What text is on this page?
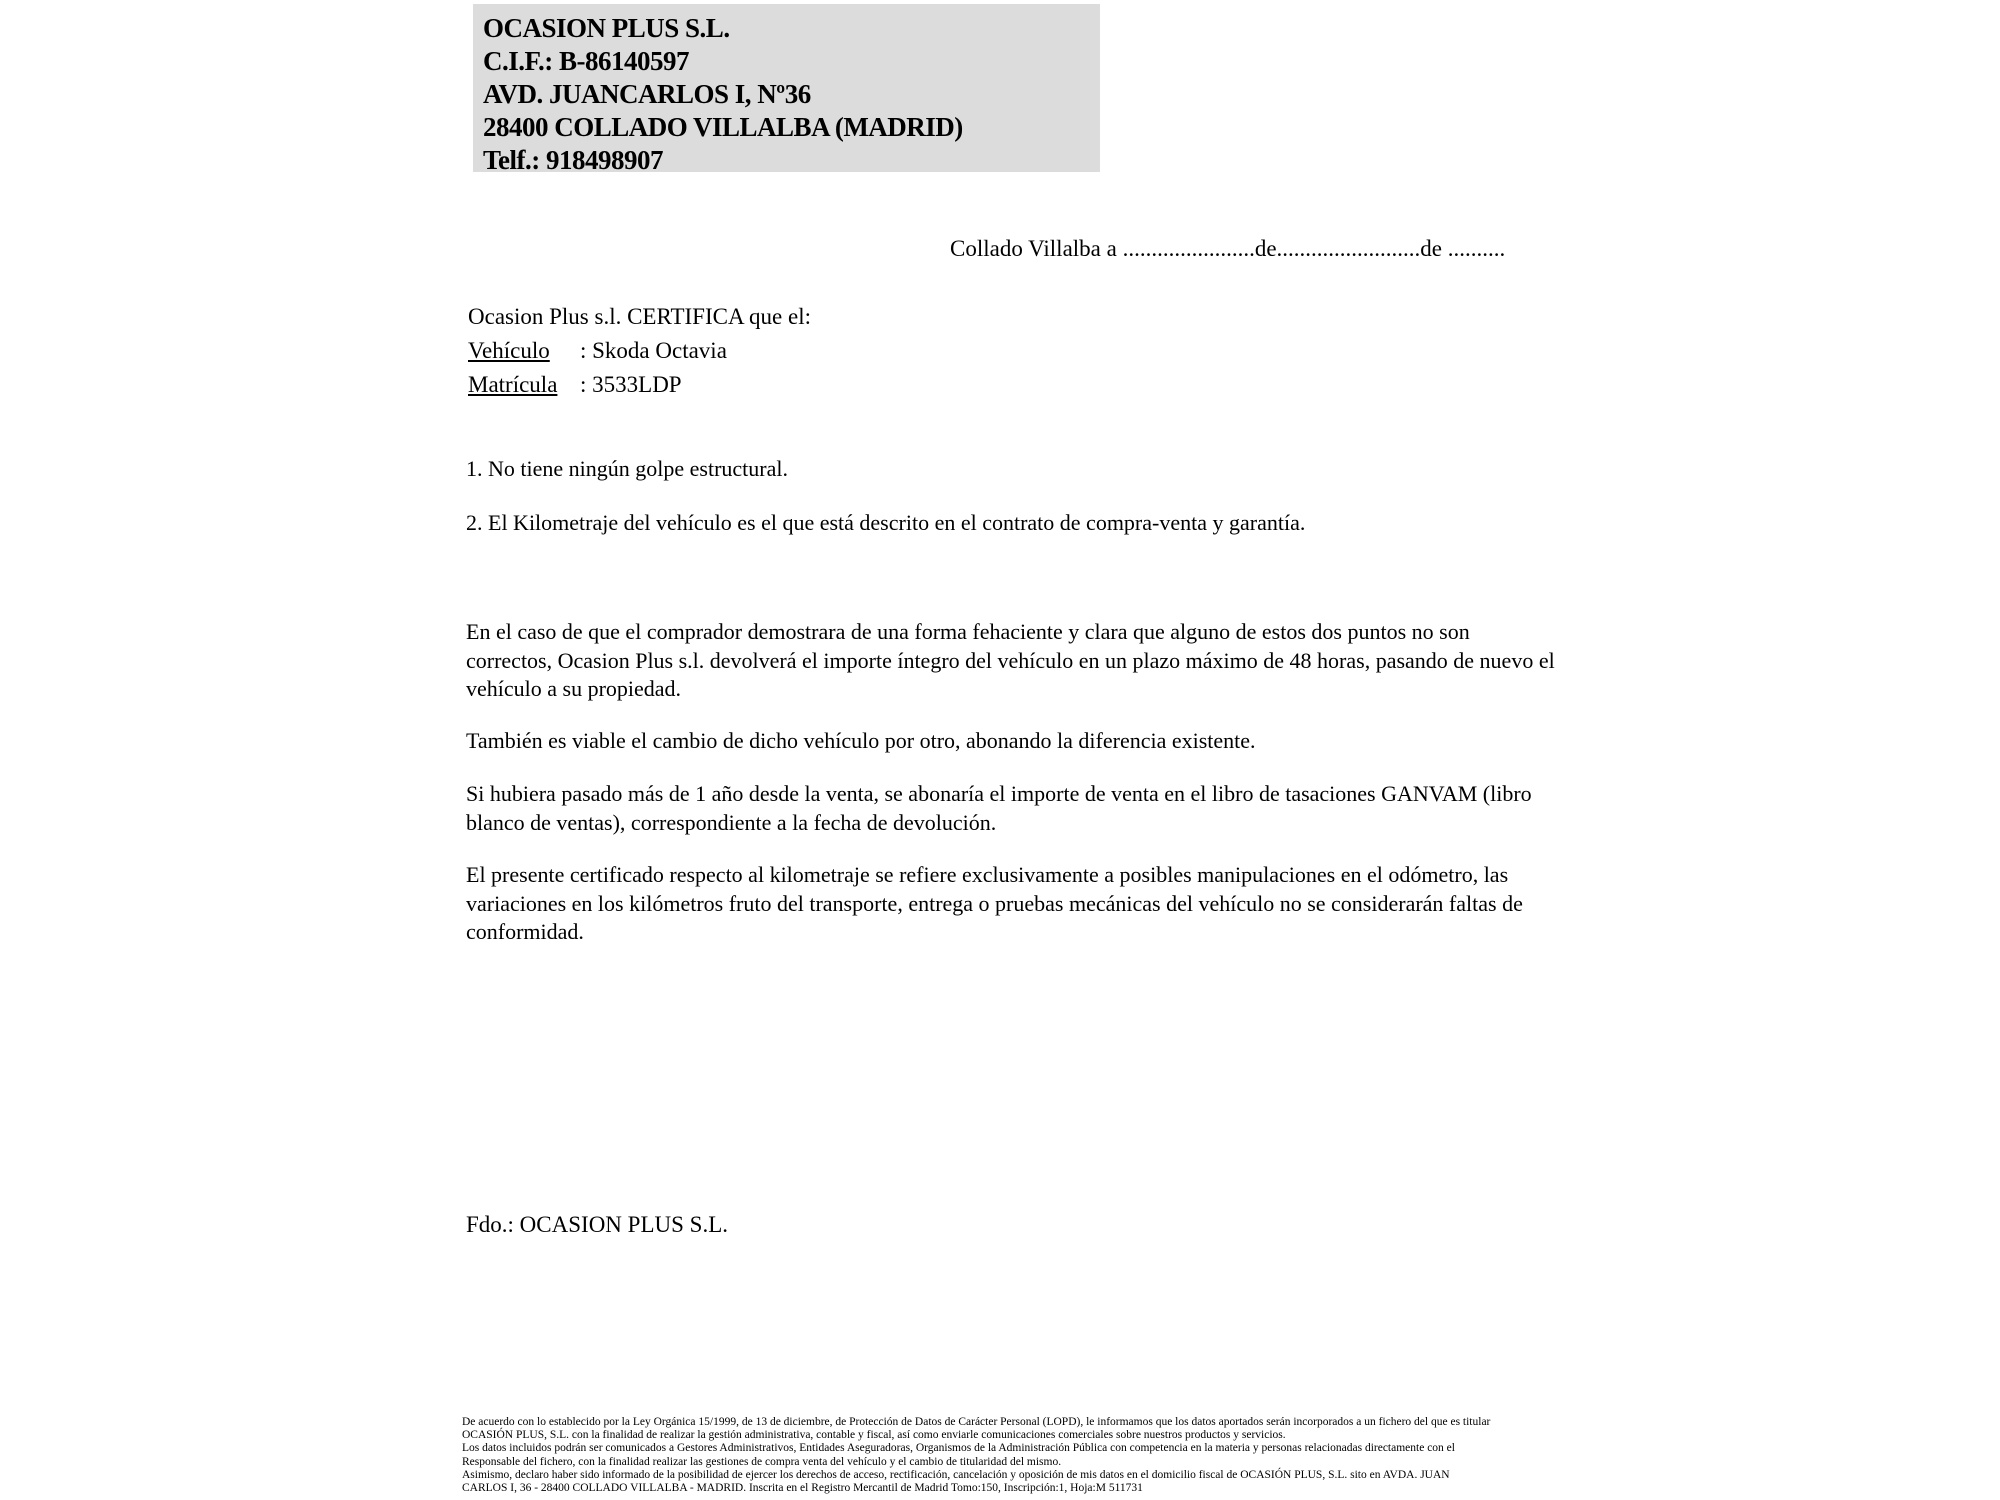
OCASION PLUS S.L.
C.I.F.: B-86140597
AVD. JUANCARLOS I, Nº36
28400 COLLADO VILLALBA (MADRID)
Telf.: 918498907
Collado Villalba a .......................de.........................de ..........
Ocasion Plus s.l. CERTIFICA que el:
Vehículo : Skoda Octavia
Matrícula : 3533LDP
1. No tiene ningún golpe estructural.
2. El Kilometraje del vehículo es el que está descrito en el contrato de compra-venta y garantía.
En el caso de que el comprador demostrara de una forma fehaciente y clara que alguno de estos dos puntos no son correctos, Ocasion Plus s.l. devolverá el importe íntegro del vehículo en un plazo máximo de 48 horas, pasando de nuevo el vehículo a su propiedad.
También es viable el cambio de dicho vehículo por otro, abonando la diferencia existente.
Si hubiera pasado más de 1 año desde la venta, se abonaría el importe de venta en el libro de tasaciones GANVAM (libro blanco de ventas), correspondiente a la fecha de devolución.
El presente certificado respecto al kilometraje se refiere exclusivamente a posibles manipulaciones en el odómetro, las variaciones en los kilómetros fruto del transporte, entrega o pruebas mecánicas del vehículo no se considerarán faltas de conformidad.
Fdo.: OCASION PLUS S.L.
De acuerdo con lo establecido por la Ley Orgánica 15/1999, de 13 de diciembre, de Protección de Datos de Carácter Personal (LOPD), le informamos que los datos aportados serán incorporados a un fichero del que es titular
OCASIÓN PLUS, S.L. con la finalidad de realizar la gestión administrativa, contable y fiscal, así como enviarle comunicaciones comerciales sobre nuestros productos y servicios.
Los datos incluidos podrán ser comunicados a Gestores Administrativos, Entidades Aseguradoras, Organismos de la Administración Pública con competencia en la materia y personas relacionadas directamente con el
Responsable del fichero, con la finalidad realizar las gestiones de compra venta del vehículo y el cambio de titularidad del mismo.
Asimismo, declaro haber sido informado de la posibilidad de ejercer los derechos de acceso, rectificación, cancelación y oposición de mis datos en el domicilio fiscal de OCASIÓN PLUS, S.L. sito en AVDA. JUAN
CARLOS I, 36 - 28400 COLLADO VILLALBA - MADRID. Inscrita en el Registro Mercantil de Madrid Tomo:150, Inscripción:1, Hoja:M 511731
